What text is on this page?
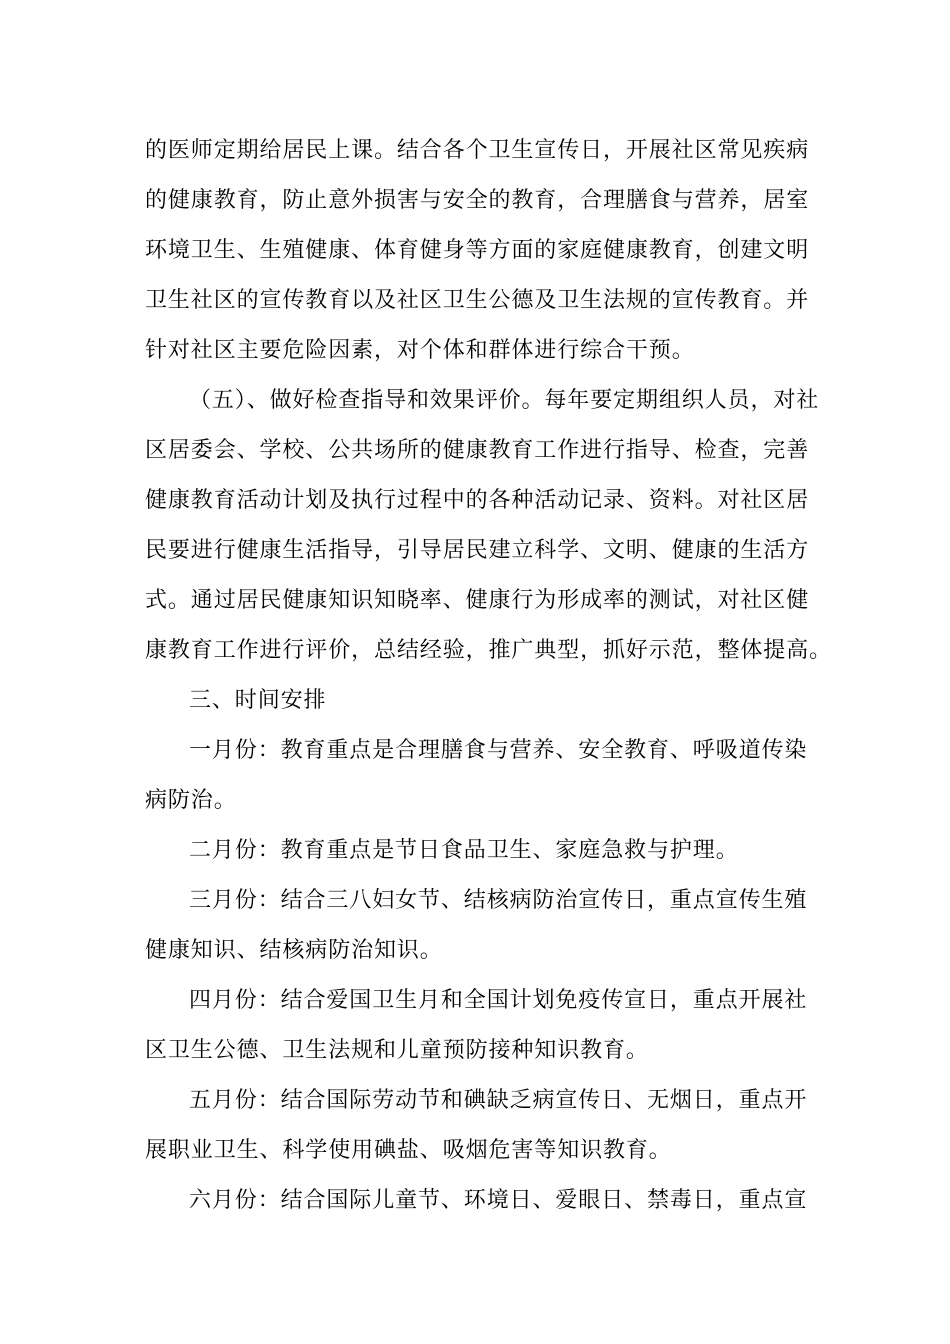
的医师定期给居民上课。结合各个卫生宣传日，开展社区常见疾病
的健康教育，防止意外损害与安全的教育，合理膳食与营养，居室
环境卫生、生殖健康、体育健身等方面的家庭健康教育，创建文明
卫生社区的宣传教育以及社区卫生公德及卫生法规的宣传教育。并
针对社区主要危险因素，对个体和群体进行综合干预。
（五）、做好检查指导和效果评价。每年要定期组织人员，对社
区居委会、学校、公共场所的健康教育工作进行指导、检查，完善
健康教育活动计划及执行过程中的各种活动记录、资料。对社区居
民要进行健康生活指导，引导居民建立科学、文明、健康的生活方
式。通过居民健康知识知晓率、健康行为形成率的测试，对社区健
康教育工作进行评价，总结经验，推广典型，抓好示范，整体提高。
三、时间安排
一月份：教育重点是合理膳食与营养、安全教育、呼吸道传染
病防治。
二月份：教育重点是节日食品卫生、家庭急救与护理。
三月份：结合三八妇女节、结核病防治宣传日，重点宣传生殖
健康知识、结核病防治知识。
四月份：结合爱国卫生月和全国计划免疫传宣日，重点开展社
区卫生公德、卫生法规和儿童预防接种知识教育。
五月份：结合国际劳动节和碘缺乏病宣传日、无烟日，重点开
展职业卫生、科学使用碘盐、吸烟危害等知识教育。
六月份：结合国际儿童节、环境日、爱眼日、禁毒日，重点宣
